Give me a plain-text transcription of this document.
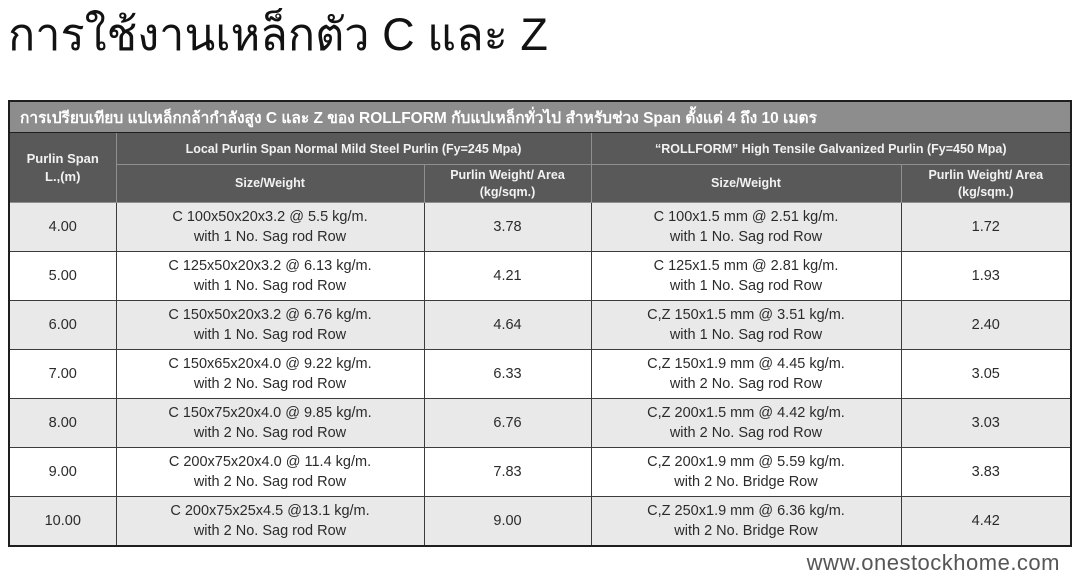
การใช้งานเหล็กตัว C และ Z
การเปรียบเทียบ แปเหล็กกล้ากำลังสูง C และ Z ของ ROLLFORM กับแปเหล็กทั่วไป สำหรับช่วง Span ตั้งแต่ 4 ถึง 10 เมตร				

Purlin Span
L.,(m)	Local Purlin Span Normal Mild Steel Purlin (Fy=245 Mpa)		“ROLLFORM” High Tensile Galvanized Purlin (Fy=450 Mpa)	
	Size/Weight	Purlin Weight/ Area
(kg/sqm.)	Size/Weight	Purlin Weight/ Area
(kg/sqm.)

4.00	C 100x50x20x3.2 @ 5.5 kg/m.
with 1 No. Sag rod Row	3.78	C 100x1.5 mm @ 2.51 kg/m.
with 1 No. Sag rod Row	1.72
5.00	C 125x50x20x3.2 @ 6.13 kg/m.
with 1 No. Sag rod Row	4.21	C 125x1.5 mm @ 2.81 kg/m.
with 1 No. Sag rod Row	1.93
6.00	C 150x50x20x3.2 @ 6.76 kg/m.
with 1 No. Sag rod Row	4.64	C,Z 150x1.5 mm @ 3.51 kg/m.
with 1 No. Sag rod Row	2.40
7.00	C 150x65x20x4.0 @ 9.22 kg/m.
with 2 No. Sag rod Row	6.33	C,Z 150x1.9 mm @ 4.45 kg/m.
with 2 No. Sag rod Row	3.05
8.00	C 150x75x20x4.0 @ 9.85 kg/m.
with 2 No. Sag rod Row	6.76	C,Z 200x1.5 mm @ 4.42 kg/m.
with 2 No. Sag rod Row	3.03
9.00	C 200x75x20x4.0 @ 11.4 kg/m.
with 2 No. Sag rod Row	7.83	C,Z 200x1.9 mm @ 5.59 kg/m.
with 2 No. Bridge Row	3.83
10.00	C 200x75x25x4.5 @13.1 kg/m.
with 2 No. Sag rod Row	9.00	C,Z 250x1.9 mm @ 6.36 kg/m.
with 2 No. Bridge Row	4.42
www.onestockhome.com
